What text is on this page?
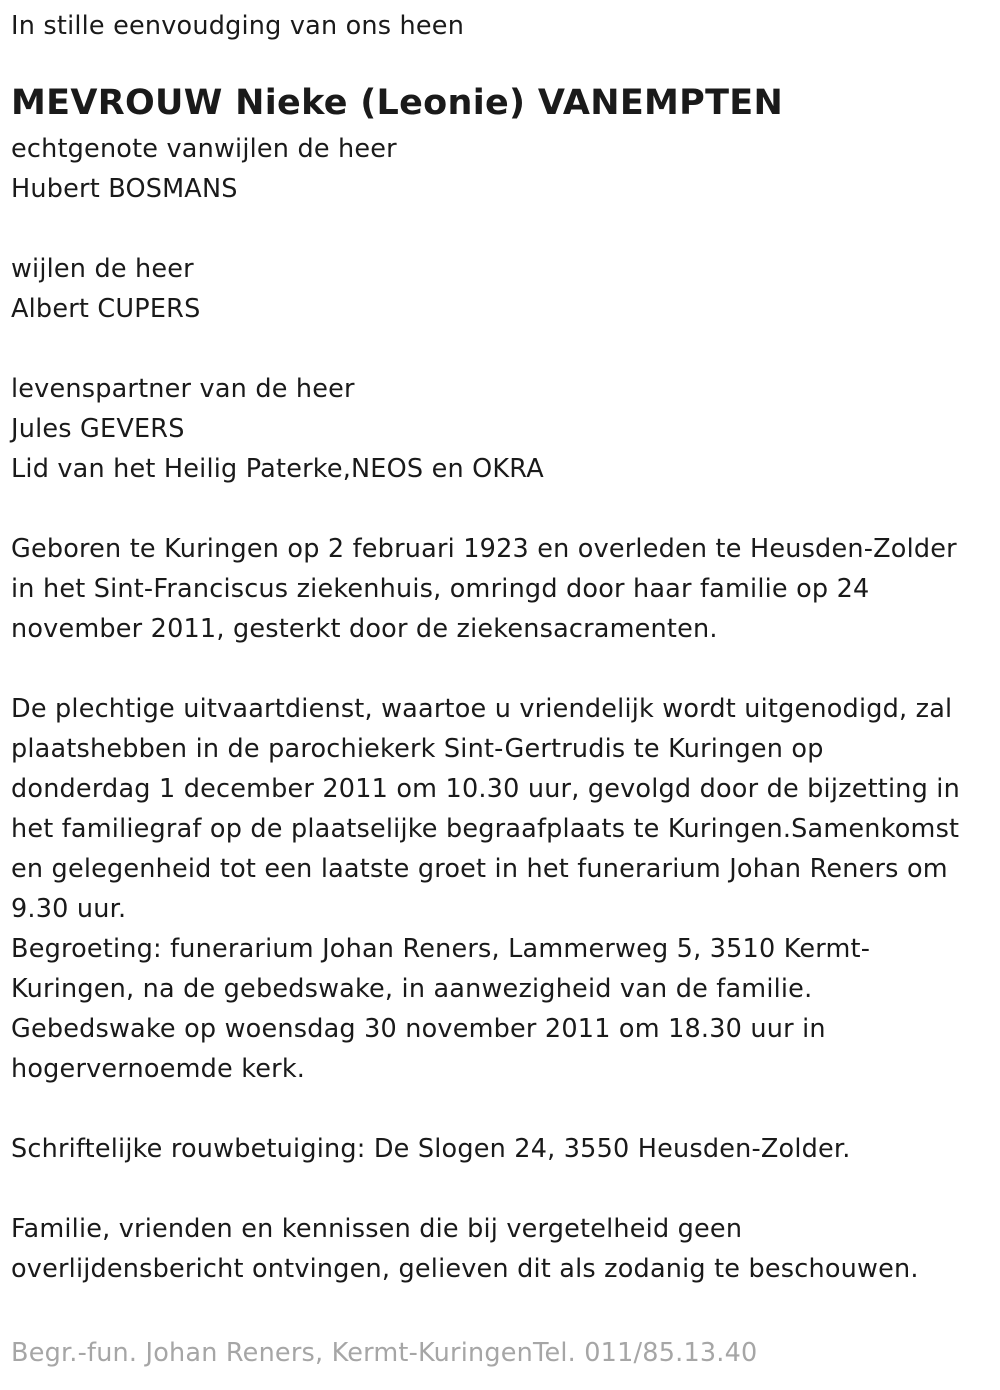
In stille eenvoudging van ons heen
MEVROUW Nieke (Leonie) VANEMPTEN
echtgenote vanwijlen de heer
Hubert BOSMANS
wijlen de heer
Albert CUPERS
levenspartner van de heer
Jules GEVERS
Lid van het Heilig Paterke,NEOS en OKRA
Geboren te Kuringen op 2 februari 1923 en overleden te Heusden-Zolder
in het Sint-Franciscus ziekenhuis, omringd door haar familie op 24
november 2011, gesterkt door de ziekensacramenten.
De plechtige uitvaartdienst, waartoe u vriendelijk wordt uitgenodigd, zal
plaatshebben in de parochiekerk Sint-Gertrudis te Kuringen op
donderdag 1 december 2011 om 10.30 uur, gevolgd door de bijzetting in
het familiegraf op de plaatselijke begraafplaats te Kuringen.Samenkomst
en gelegenheid tot een laatste groet in het funerarium Johan Reners om
9.30 uur.
Begroeting: funerarium Johan Reners, Lammerweg 5, 3510 Kermt-
Kuringen, na de gebedswake, in aanwezigheid van de familie.
Gebedswake op woensdag 30 november 2011 om 18.30 uur in
hogervernoemde kerk.
Schriftelijke rouwbetuiging: De Slogen 24, 3550 Heusden-Zolder.
Familie, vrienden en kennissen die bij vergetelheid geen
overlijdensbericht ontvingen, gelieven dit als zodanig te beschouwen.
Begr.-fun. Johan Reners, Kermt-KuringenTel. 011/85.13.40
